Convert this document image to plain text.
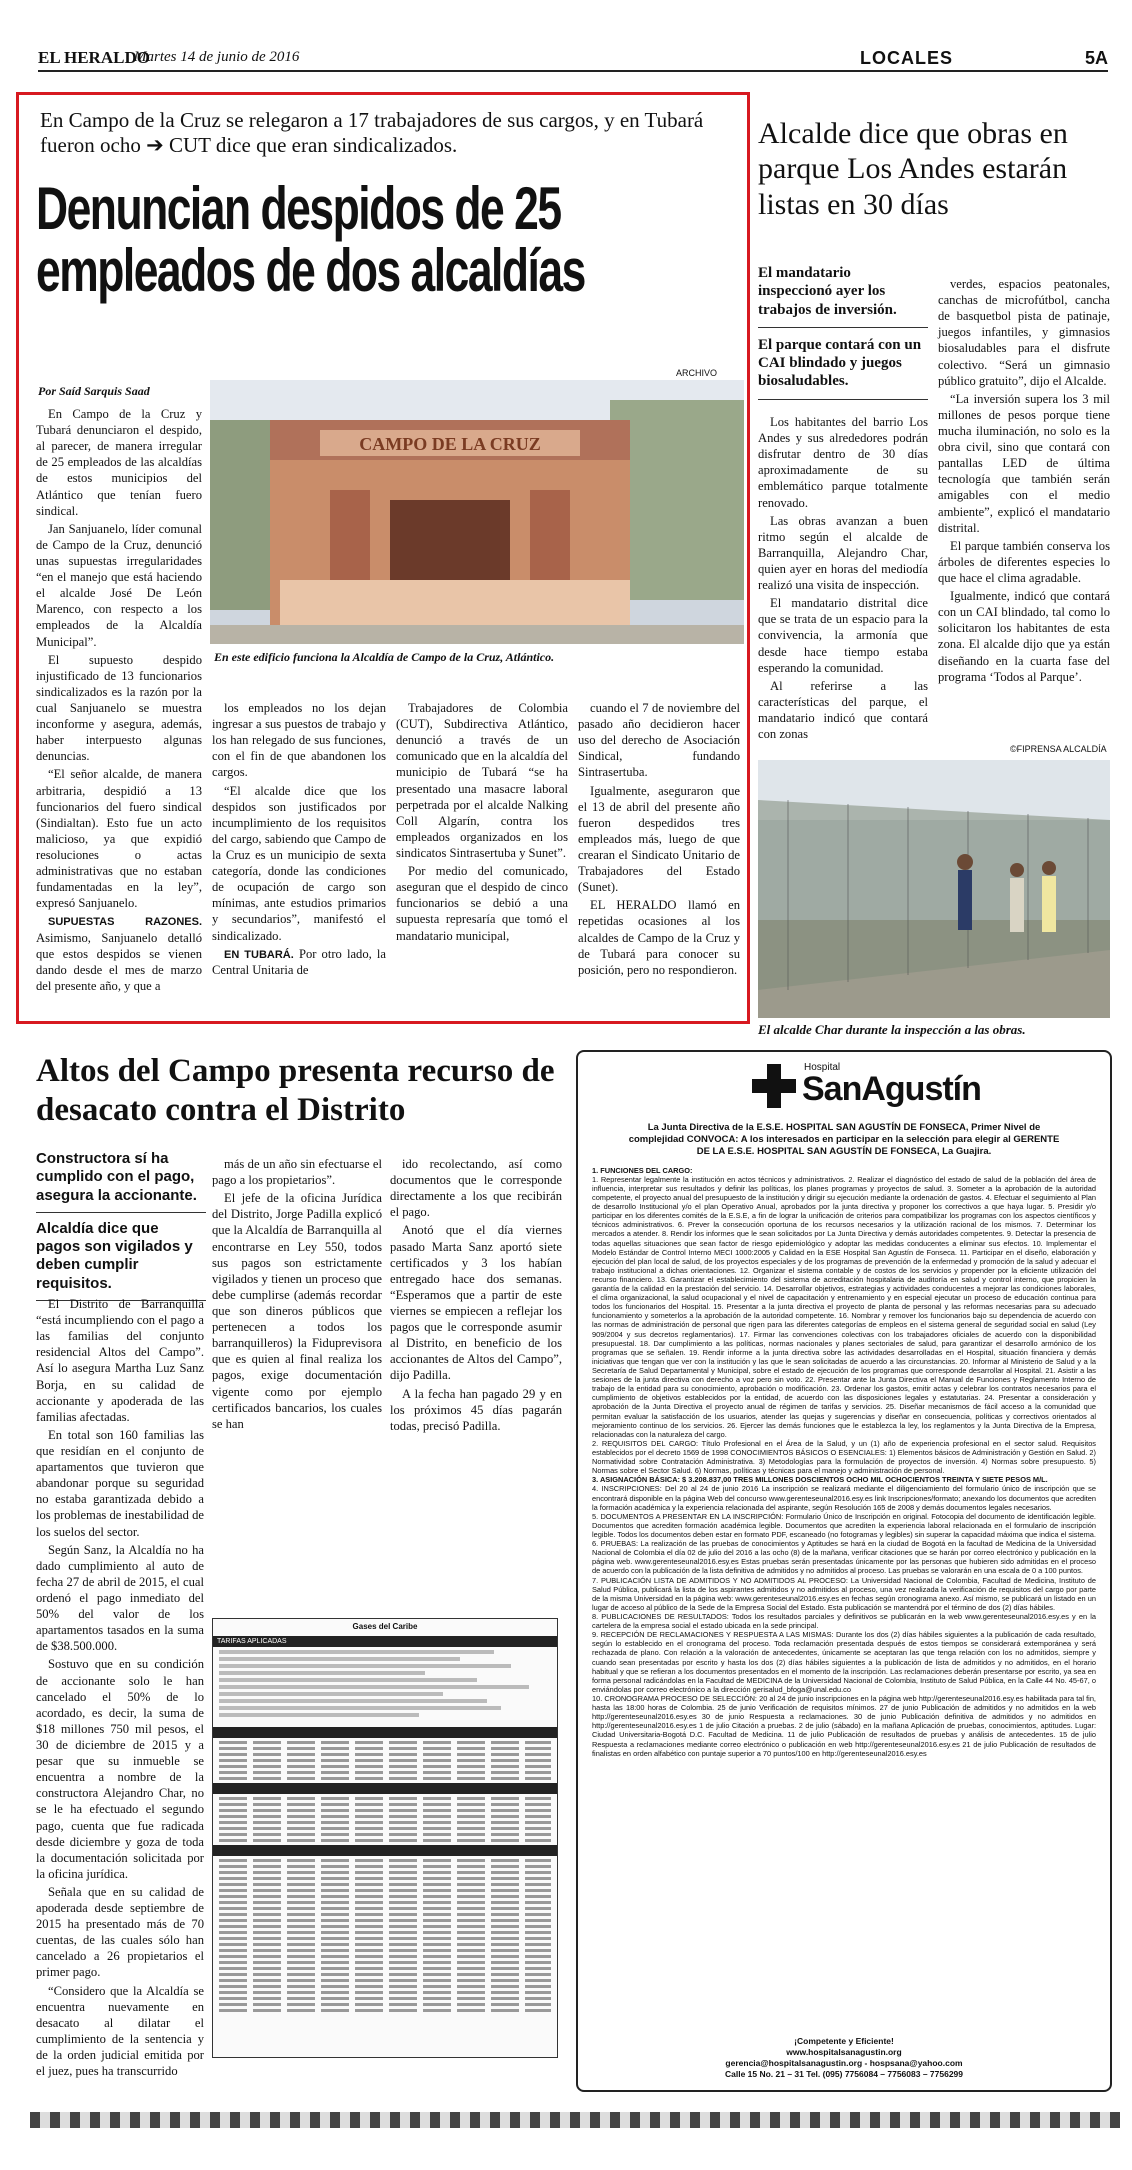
EL HERALDO
Martes 14 de junio de 2016	LOCALES	5A
En Campo de la Cruz se relegaron a 17 trabajadores de sus cargos, y en Tubará fueron ocho ➔ CUT dice que eran sindicalizados.
Denuncian despidos de 25 empleados de dos alcaldías
Por Saíd Sarquis Saad
ARCHIVO
CAMPO DE LA CRUZ
En este edificio funciona la Alcaldía de Campo de la Cruz, Atlántico.

En Campo de la Cruz y Tubará denunciaron el despido, al parecer, de manera irregular de 25 empleados de las alcaldías de estos municipios del Atlántico que tenían fuero sindical.

Jan Sanjuanelo, líder comunal de Campo de la Cruz, denunció unas supuestas irregularidades “en el manejo que está haciendo el alcalde José De León Marenco, con respecto a los empleados de la Alcaldía Municipal”.

El supuesto despido injustificado de 13 funcionarios sindicalizados es la razón por la cual Sanjuanelo se muestra inconforme y asegura, además, haber interpuesto algunas denuncias.

“El señor alcalde, de manera arbitraria, despidió a 13 funcionarios del fuero sindical (Sindialtan). Esto fue un acto malicioso, ya que expidió resoluciones o actas administrativas que no estaban fundamentadas en la ley”, expresó Sanjuanelo.

SUPUESTAS RAZONES. Asimismo, Sanjuanelo detalló que estos despidos se vienen dando desde el mes de marzo del presente año, y que a

los empleados no los dejan ingresar a sus puestos de trabajo y los han relegado de sus funciones, con el fin de que abandonen los cargos.

“El alcalde dice que los despidos son justificados por incumplimiento de los requisitos del cargo, sabiendo que Campo de la Cruz es un municipio de sexta categoría, donde las condiciones de ocupación de cargo son mínimas, ante estudios primarios y secundarios”, manifestó el sindicalizado.

EN TUBARÁ. Por otro lado, la Central Unitaria de

Trabajadores de Colombia (CUT), Subdirectiva Atlántico, denunció a través de un comunicado que en la alcaldía del municipio de Tubará “se ha presentado una masacre laboral perpetrada por el alcalde Nalking Coll Algarín, contra los empleados organizados en los sindicatos Sintrasertuba y Sunet”.

Por medio del comunicado, aseguran que el despido de cinco funcionarios se debió a una supuesta represaría que tomó el mandatario municipal,

cuando el 7 de noviembre del pasado año decidieron hacer uso del derecho de Asociación Sindical, fundando Sintrasertuba.

Igualmente, aseguraron que el 13 de abril del presente año fueron despedidos tres empleados más, luego de que crearan el Sindicato Unitario de Trabajadores del Estado (Sunet).

EL HERALDO llamó en repetidas ocasiones al los alcaldes de Campo de la Cruz y de Tubará para conocer su posición, pero no respondieron.

Alcalde dice que obras en parque Los Andes estarán listas en 30 días
El mandatario inspeccionó ayer los trabajos de inversión.
El parque contará con un CAI blindado y juegos biosaludables.

Los habitantes del barrio Los Andes y sus alrededores podrán disfrutar dentro de 30 días aproximadamente de su emblemático parque totalmente renovado.

Las obras avanzan a buen ritmo según el alcalde de Barranquilla, Alejandro Char, quien ayer en horas del mediodía realizó una visita de inspección.

El mandatario distrital dice que se trata de un espacio para la convivencia, la armonía que desde hace tiempo estaba esperando la comunidad.

Al referirse a las características del parque, el mandatario indicó que contará con zonas

verdes, espacios peatonales, canchas de microfútbol, cancha de basquetbol pista de patinaje, juegos infantiles, y gimnasios biosaludables para el disfrute colectivo. “Será un gimnasio público gratuito”, dijo el Alcalde.

“La inversión supera los 3 mil millones de pesos porque tiene mucha iluminación, no solo es la obra civil, sino que contará con pantallas LED de última tecnología que también serán amigables con el medio ambiente”, explicó el mandatario distrital.

El parque también conserva los árboles de diferentes especies lo que hace el clima agradable.

Igualmente, indicó que contará con un CAI blindado, tal como lo solicitaron los habitantes de esta zona. El alcalde dijo que ya están diseñando en la cuarta fase del programa ‘Todos al Parque’.

©FIPRENSA ALCALDÍA
El alcalde Char durante la inspección a las obras.
Altos del Campo presenta recurso de desacato contra el Distrito
Constructora sí ha cumplido con el pago, asegura la accionante.
Alcaldía dice que pagos son vigilados y deben cumplir requisitos.

El Distrito de Barranquilla “está incumpliendo con el pago a las familias del conjunto residencial Altos del Campo”. Así lo asegura Martha Luz Sanz Borja, en su calidad de accionante y apoderada de las familias afectadas.

En total son 160 familias las que residían en el conjunto de apartamentos que tuvieron que abandonar porque su seguridad no estaba garantizada debido a los problemas de inestabilidad de los suelos del sector.

Según Sanz, la Alcaldía no ha dado cumplimiento al auto de fecha 27 de abril de 2015, el cual ordenó el pago inmediato del 50% del valor de los apartamentos tasados en la suma de $38.500.000.

Sostuvo que en su condición de accionante solo le han cancelado el 50% de lo acordado, es decir, la suma de $18 millones 750 mil pesos, el 30 de diciembre de 2015 y a pesar que su inmueble se encuentra a nombre de la constructora Alejandro Char, no se le ha efectuado el segundo pago, cuenta que fue radicada desde diciembre y goza de toda la documentación solicitada por la oficina jurídica.

Señala que en su calidad de apoderada desde septiembre de 2015 ha presentado más de 70 cuentas, de las cuales sólo han cancelado a 26 propietarios el primer pago.

“Considero que la Alcaldía se encuentra nuevamente en desacato al dilatar el cumplimiento de la sentencia y de la orden judicial emitida por el juez, pues ha transcurrido

más de un año sin efectuarse el pago a los propietarios”.

El jefe de la oficina Jurídica del Distrito, Jorge Padilla explicó que la Alcaldía de Barranquilla al encontrarse en Ley 550, todos sus pagos son estrictamente vigilados y tienen un proceso que debe cumplirse (además recordar que son dineros públicos que pertenecen a todos los barranquilleros) la Fiduprevisora que es quien al final realiza los pagos, exige documentación vigente como por ejemplo certificados bancarios, los cuales se han

ido recolectando, así como documentos que le corresponde directamente a los que recibirán el pago.

Anotó que el día viernes pasado Marta Sanz aportó siete certificados y 3 los habían entregado hace dos semanas. “Esperamos que a partir de este viernes se empiecen a reflejar los pagos que le corresponde asumir al Distrito, en beneficio de los accionantes de Altos del Campo”, dijo Padilla.

A la fecha han pagado 29 y en los próximos 45 días pagarán todas, precisó Padilla.

Gases del Caribe
TARIFAS APLICADAS

Hospital
SanAgustín
La Junta Directiva de la E.S.E. HOSPITAL SAN AGUSTÍN DE FONSECA, Primer Nivel de complejidad CONVOCA: A los interesados en participar en la selección para elegir al GERENTE DE LA E.S.E. HOSPITAL SAN AGUSTÍN DE FONSECA, La Guajira.
1. FUNCIONES DEL CARGO:
1. Representar legalmente la institución en actos técnicos y administrativos. 2. Realizar el diagnóstico del estado de salud de la población del área de influencia, interpretar sus resultados y definir las políticas, los planes programas y proyectos de salud. 3. Someter a la aprobación de la autoridad competente, el proyecto anual del presupuesto de la institución y dirigir su ejecución mediante la ordenación de gastos. 4. Efectuar el seguimiento al Plan de desarrollo Institucional y/o el plan Operativo Anual, aprobados por la junta directiva y proponer los correctivos a que haya lugar. 5. Presidir y/o participar en los diferentes comités de la E.S.E, a fin de lograr la unificación de criterios para compatibilizar los programas con los aspectos científicos y técnicos administrativos. 6. Prever la consecución oportuna de los recursos necesarios y la utilización racional de los mismos. 7. Determinar los mercados a atender. 8. Rendir los informes que le sean solicitados por La Junta Directiva y demás autoridades competentes. 9. Detectar la presencia de todas aquellas situaciones que sean factor de riesgo epidemiológico y adoptar las medidas conducentes a eliminar sus efectos. 10. Implementar el Modelo Estándar de Control Interno MECI 1000:2005 y Calidad en la ESE Hospital San Agustín de Fonseca. 11. Participar en el diseño, elaboración y ejecución del plan local de salud, de los proyectos especiales y de los programas de prevención de la enfermedad y promoción de la salud y adecuar el trabajo institucional a dichas orientaciones. 12. Organizar el sistema contable y de costos de los servicios y propender por la eficiente utilización del recurso financiero. 13. Garantizar el establecimiento del sistema de acreditación hospitalaria de auditoría en salud y control interno, que propicien la garantía de la calidad en la prestación del servicio. 14. Desarrollar objetivos, estrategias y actividades conducentes a mejorar las condiciones laborales, el clima organizacional, la salud ocupacional y el nivel de capacitación y entrenamiento y en especial ejecutar un proceso de educación continua para todos los funcionarios del Hospital. 15. Presentar a la junta directiva el proyecto de planta de personal y las reformas necesarias para su adecuado funcionamiento y someterlos a la aprobación de la autoridad competente. 16. Nombrar y remover los funcionarios bajo su dependencia de acuerdo con las normas de administración de personal que rigen para las diferentes categorías de empleos en el sistema general de seguridad social en salud (Ley 909/2004 y sus decretos reglamentarios). 17. Firmar las convenciones colectivas con los trabajadores oficiales de acuerdo con la disponibilidad presupuestal. 18. Dar cumplimiento a las políticas, normas nacionales y planes sectoriales de salud, para garantizar el desarrollo armónico de los programas que se señalen. 19. Rendir informe a la junta directiva sobre las actividades desarrolladas en el Hospital, situación financiera y demás iniciativas que tengan que ver con la institución y las que le sean solicitadas de acuerdo a las circunstancias. 20. Informar al Ministerio de Salud y a la Secretaría de Salud Departamental y Municipal, sobre el estado de ejecución de los programas que corresponde desarrollar al Hospital. 21. Asistir a las sesiones de la junta directiva con derecho a voz pero sin voto. 22. Presentar ante la Junta Directiva el Manual de Funciones y Reglamento Interno de trabajo de la entidad para su conocimiento, aprobación o modificación. 23. Ordenar los gastos, emitir actas y celebrar los contratos necesarios para el cumplimiento de objetivos establecidos por la entidad, de acuerdo con las disposiciones legales y estatutarias. 24. Presentar a consideración y aprobación de la Junta Directiva el proyecto anual de régimen de tarifas y servicios. 25. Diseñar mecanismos de fácil acceso a la comunidad que permitan evaluar la satisfacción de los usuarios, atender las quejas y sugerencias y diseñar en consecuencia, políticas y correctivos orientados al mejoramiento continuo de los servicios. 26. Ejercer las demás funciones que le establezca la ley, los reglamentos y la Junta Directiva de la Empresa, relacionadas con la naturaleza del cargo.
2. REQUISITOS DEL CARGO: Título Profesional en el Área de la Salud, y un (1) año de experiencia profesional en el sector salud. Requisitos establecidos por el decreto 1569 de 1998 CONOCIMIENTOS BÁSICOS O ESENCIALES: 1) Elementos básicos de Administración y Gestión en Salud. 2) Normatividad sobre Contratación Administrativa. 3) Metodologías para la formulación de proyectos de inversión. 4) Normas sobre presupuesto. 5) Normas sobre el Sector Salud. 6) Normas, políticas y técnicas para el manejo y administración de personal.
3. ASIGNACIÓN BÁSICA: $ 3.208.837,00 TRES MILLONES DOSCIENTOS OCHO MIL OCHOCIENTOS TREINTA Y SIETE PESOS M/L.
4. INSCRIPCIONES: Del 20 al 24 de junio 2016 La inscripción se realizará mediante el diligenciamiento del formulario único de inscripción que se encontrará disponible en la página Web del concurso www.gerenteseunal2016.esy.es link Inscripciones/formato; anexando los documentos que acrediten la formación académica y la experiencia relacionada del aspirante, según Resolución 165 de 2008 y demás documentos legales necesarios.
5. DOCUMENTOS A PRESENTAR EN LA INSCRIPCIÓN: Formulario Único de Inscripción en original. Fotocopia del documento de identificación legible. Documentos que acrediten formación académica legible. Documentos que acrediten la experiencia laboral relacionada en el formulario de inscripción legible. Todos los documentos deben estar en formato PDF, escaneado (no fotogramas y legibles) sin superar la capacidad máxima que indica el sistema.
6. PRUEBAS: La realización de las pruebas de conocimientos y Aptitudes se hará en la ciudad de Bogotá en la facultad de Medicina de la Universidad Nacional de Colombia el día 02 de julio del 2016 a las ocho (8) de la mañana, verificar citaciones que se harán por correo electrónico y publicación en la página web. www.gerenteseunal2016.esy.es Estas pruebas serán presentadas únicamente por las personas que hubieren sido admitidas en el proceso de acuerdo con la publicación de la lista definitiva de admitidos y no admitidos al proceso. Las pruebas se valorarán en una escala de 0 a 100 puntos.
7. PUBLICACIÓN LISTA DE ADMITIDOS Y NO ADMITIDOS AL PROCESO: La Universidad Nacional de Colombia, Facultad de Medicina, Instituto de Salud Pública, publicará la lista de los aspirantes admitidos y no admitidos al proceso, una vez realizada la verificación de requisitos del cargo por parte de la misma Universidad en la página web: www.gerenteseunal2016.esy.es en fechas según cronograma anexo. Así mismo, se publicará un listado en un lugar de acceso al público de la Sede de la Empresa Social del Estado. Esta publicación se mantendrá por el término de dos (2) días hábiles.
8. PUBLICACIONES DE RESULTADOS: Todos los resultados parciales y definitivos se publicarán en la web www.gerenteseunal2016.esy.es y en la cartelera de la empresa social el estado ubicada en la sede principal.
9. RECEPCIÓN DE RECLAMACIONES Y RESPUESTA A LAS MISMAS: Durante los dos (2) días hábiles siguientes a la publicación de cada resultado, según lo establecido en el cronograma del proceso. Toda reclamación presentada después de estos tiempos se considerará extemporánea y será rechazada de plano. Con relación a la valoración de antecedentes, únicamente se aceptaran las que tenga relación con los no admitidos, siempre y cuando sean presentadas por escrito y hasta los dos (2) días hábiles siguientes a la publicación de lista de admitidos y no admitidos, en el horario habitual y que se refieran a los documentos presentados en el momento de la inscripción. Las reclamaciones deberán presentarse por escrito, ya sea en forma personal radicándolas en la Facultad de MEDICINA de la Universidad Nacional de Colombia, Instituto de Salud Pública, en la Calle 44 No. 45-67, o enviándolas por correo electrónico a la dirección gerisalud_bfoga@unal.edu.co
10. CRONOGRAMA PROCESO DE SELECCIÓN: 20 al 24 de junio inscripciones en la página web http://gerenteseunal2016.esy.es habilitada para tal fin, hasta las 18:00 horas de Colombia. 25 de junio Verificación de requisitos mínimos. 27 de junio Publicación de admitidos y no admitidos en la web http://gerenteseunal2016.esy.es 30 de junio Respuesta a reclamaciones. 30 de junio Publicación definitiva de admitidos y no admitidos en http://gerenteseunal2016.esy.es 1 de julio Citación a pruebas. 2 de julio (sábado) en la mañana Aplicación de pruebas, conocimientos, aptitudes. Lugar: Ciudad Universitaria-Bogotá D.C. Facultad de Medicina. 11 de julio Publicación de resultados de pruebas y análisis de antecedentes. 15 de julio Respuesta a reclamaciones mediante correo electrónico o publicación en web http://gerenteseunal2016.esy.es 21 de julio Publicación de resultados de finalistas en orden alfabético con puntaje superior a 70 puntos/100 en http://gerenteseunal2016.esy.es
¡Competente y Eficiente!
www.hospitalsanagustin.org
gerencia@hospitalsanagustin.org - hospsana@yahoo.com
Calle 15 No. 21 – 31 Tel. (095) 7756084 – 7756083 – 7756299
